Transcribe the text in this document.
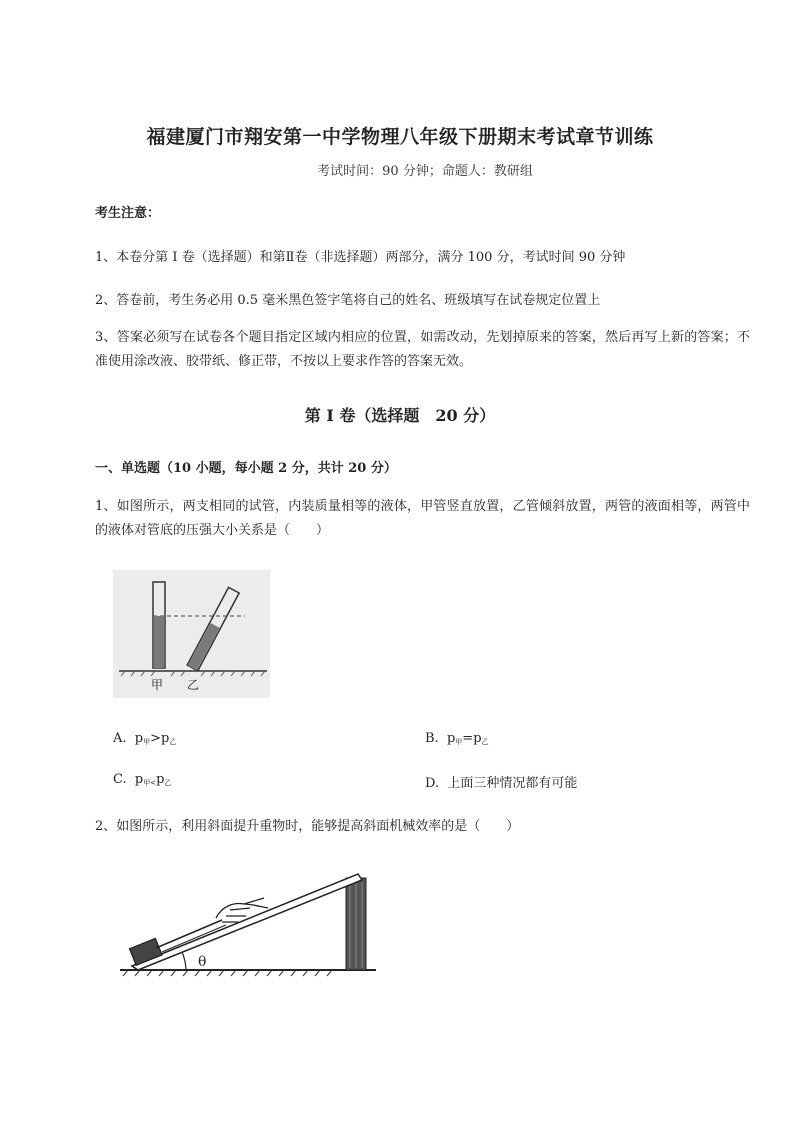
福建厦门市翔安第一中学物理八年级下册期末考试章节训练
考试时间：90 分钟；命题人：教研组
考生注意：
1、本卷分第 I 卷（选择题）和第Ⅱ卷（非选择题）两部分，满分 100 分，考试时间 90 分钟
2、答卷前，考生务必用 0.5 毫米黑色签字笔将自己的姓名、班级填写在试卷规定位置上
3、答案必须写在试卷各个题目指定区域内相应的位置，如需改动，先划掉原来的答案，然后再写上新的答案；不准使用涂改液、胶带纸、修正带，不按以上要求作答的答案无效。
第 I 卷（选择题　20 分）
一、单选题（10 小题，每小题 2 分，共计 20 分）
1、如图所示，两支相同的试管，内装质量相等的液体，甲管竖直放置，乙管倾斜放置，两管的液面相等，两管中的液体对管底的压强大小关系是（　　）
甲 乙
A. $p_甲>p_乙$	B. $p_甲=p_乙$
C. $p_{甲<}p_乙$	D. 上面三种情况都有可能
2、如图所示，利用斜面提升重物时，能够提高斜面机械效率的是（　　）
θ
